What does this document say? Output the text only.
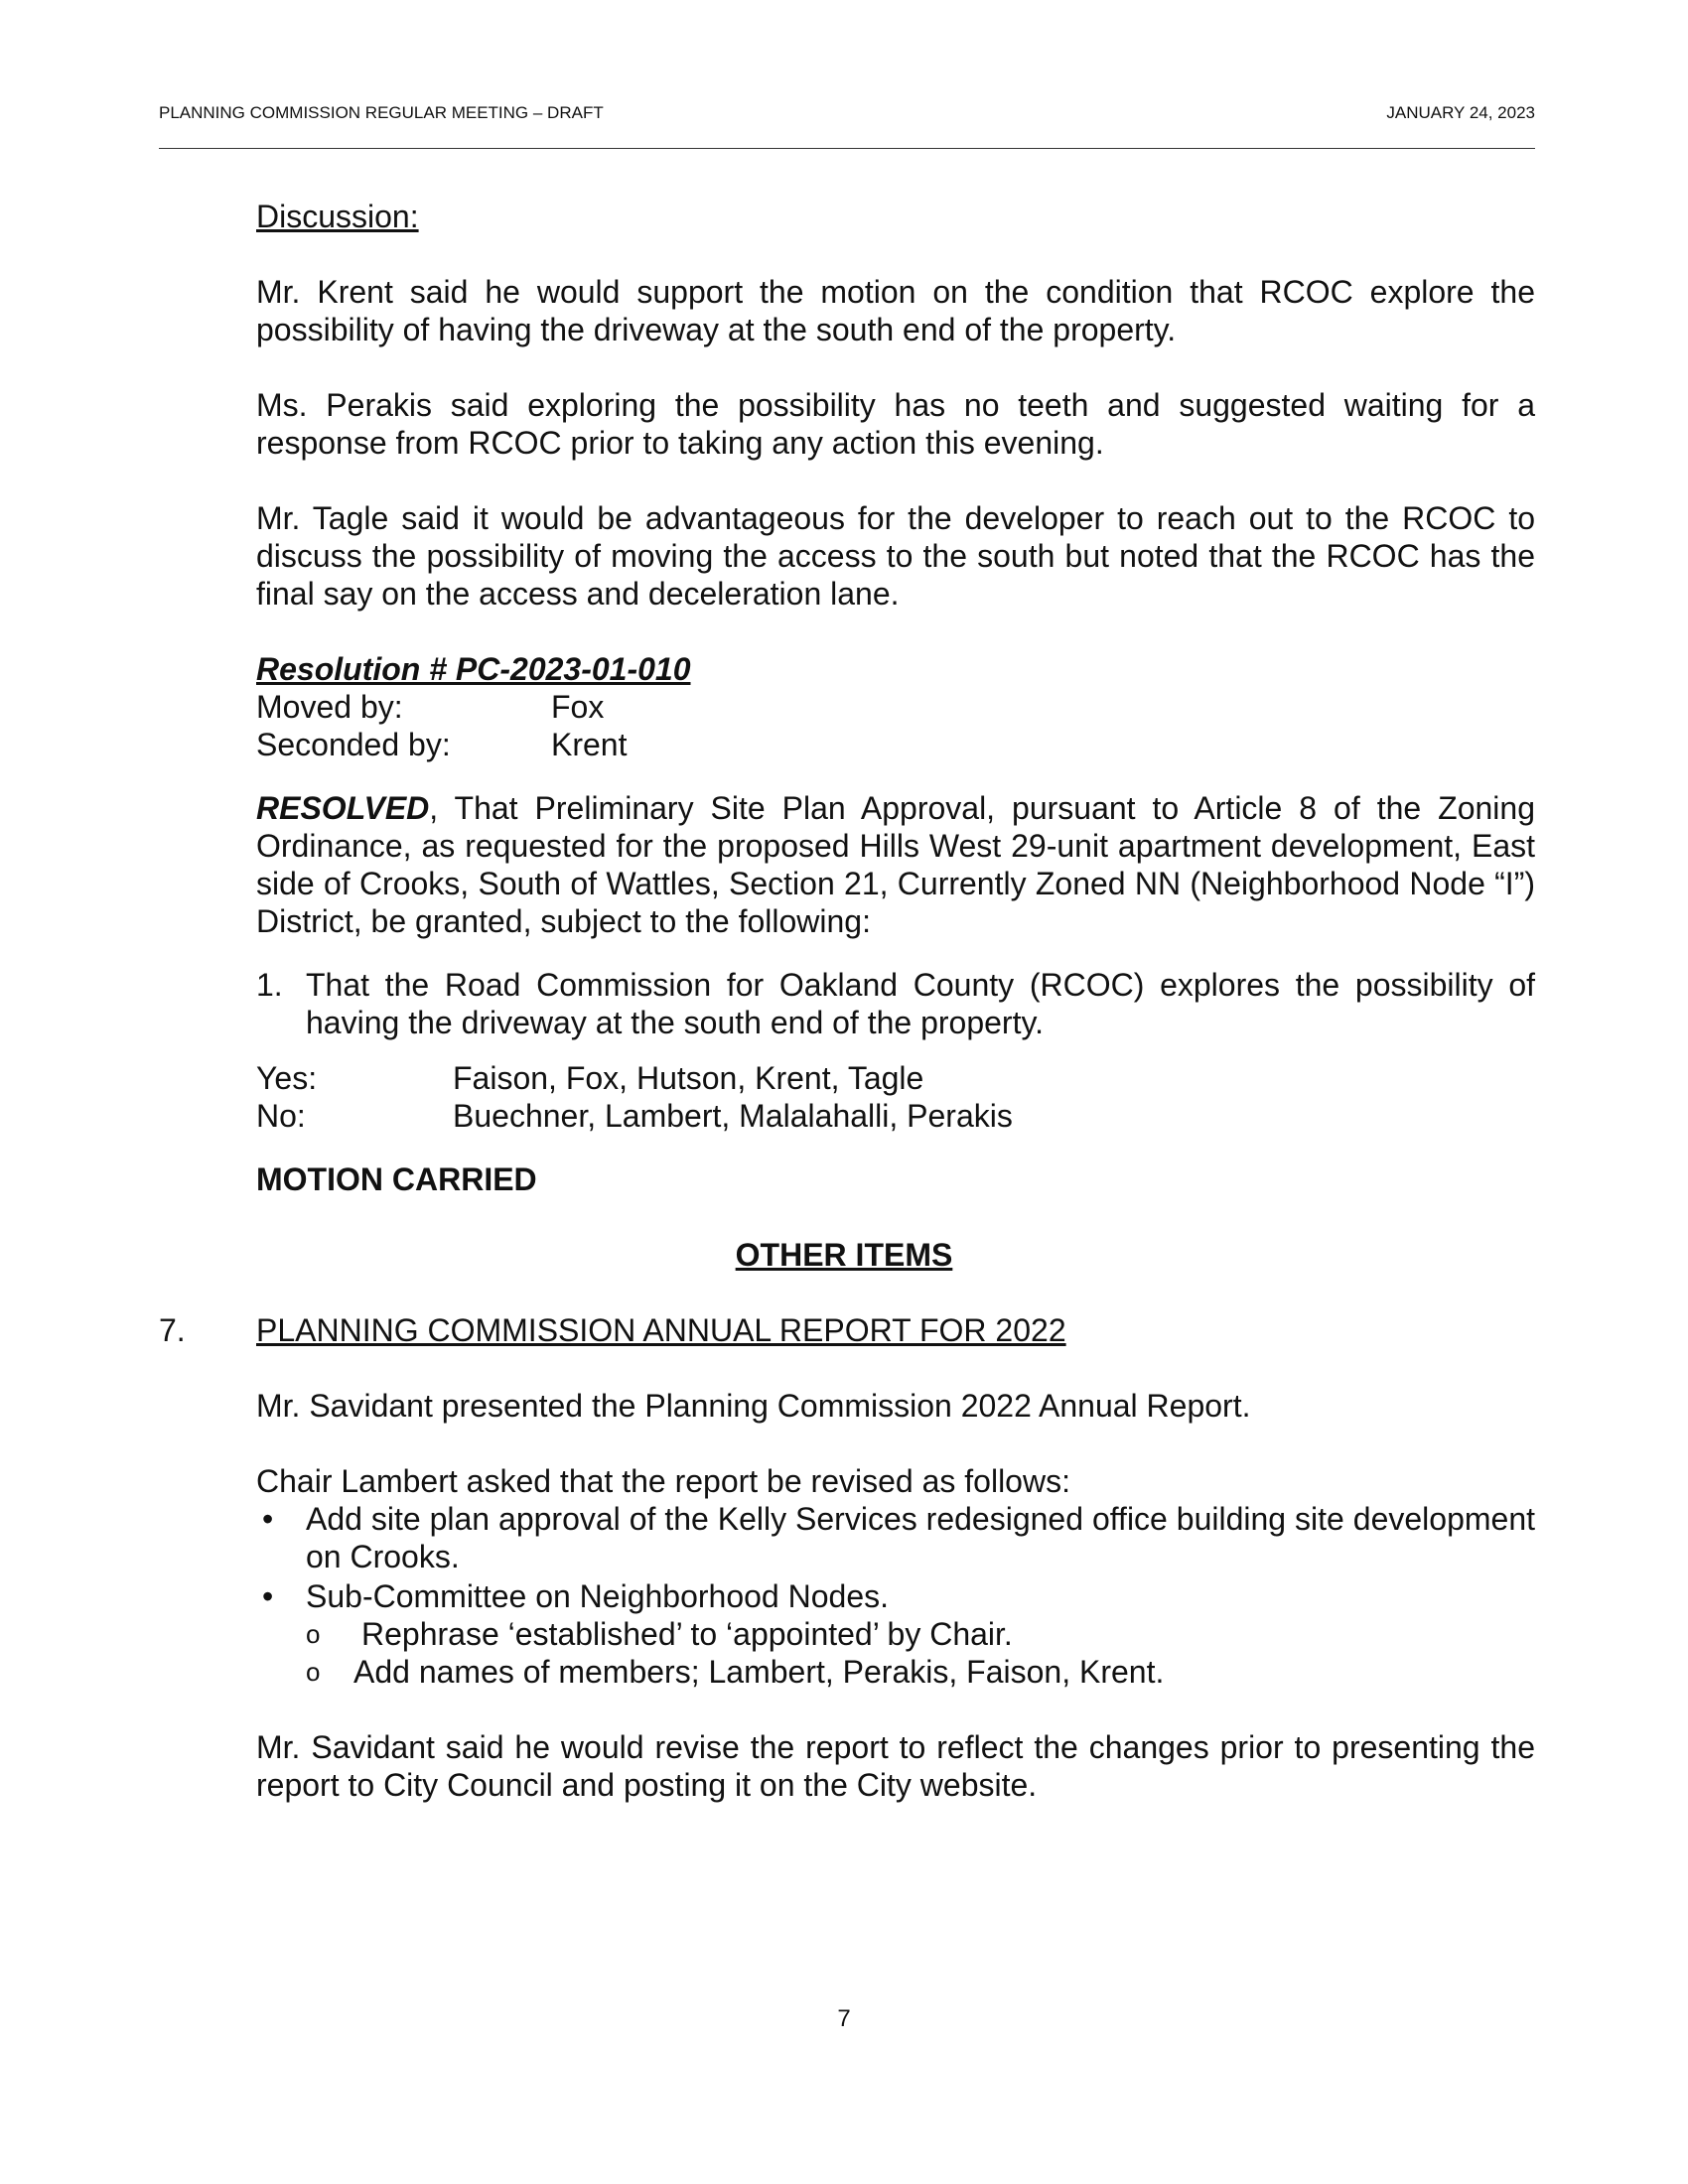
PLANNING COMMISSION REGULAR MEETING – DRAFT	JANUARY 24, 2023
Discussion:

Mr. Krent said he would support the motion on the condition that RCOC explore the possibility of having the driveway at the south end of the property.

Ms. Perakis said exploring the possibility has no teeth and suggested waiting for a response from RCOC prior to taking any action this evening.

Mr. Tagle said it would be advantageous for the developer to reach out to the RCOC to discuss the possibility of moving the access to the south but noted that the RCOC has the final say on the access and deceleration lane.

Resolution # PC-2023-01-010
Moved by:	Fox
Seconded by:	Krent

RESOLVED, That Preliminary Site Plan Approval, pursuant to Article 8 of the Zoning Ordinance, as requested for the proposed Hills West 29-unit apartment development, East side of Crooks, South of Wattles, Section 21, Currently Zoned NN (Neighborhood Node “I”) District, be granted, subject to the following:

1. That the Road Commission for Oakland County (RCOC) explores the possibility of having the driveway at the south end of the property.

Yes:	Faison, Fox, Hutson, Krent, Tagle
No:	Buechner, Lambert, Malalahalli, Perakis
MOTION CARRIED
OTHER ITEMS
7. PLANNING COMMISSION ANNUAL REPORT FOR 2022

Mr. Savidant presented the Planning Commission 2022 Annual Report.

Chair Lambert asked that the report be revised as follows:

• Add site plan approval of the Kelly Services redesigned office building site development on Crooks.

• Sub-Committee on Neighborhood Nodes.

o Rephrase ‘established’ to ‘appointed’ by Chair.

o Add names of members; Lambert, Perakis, Faison, Krent.

Mr. Savidant said he would revise the report to reflect the changes prior to presenting the report to City Council and posting it on the City website.

7
